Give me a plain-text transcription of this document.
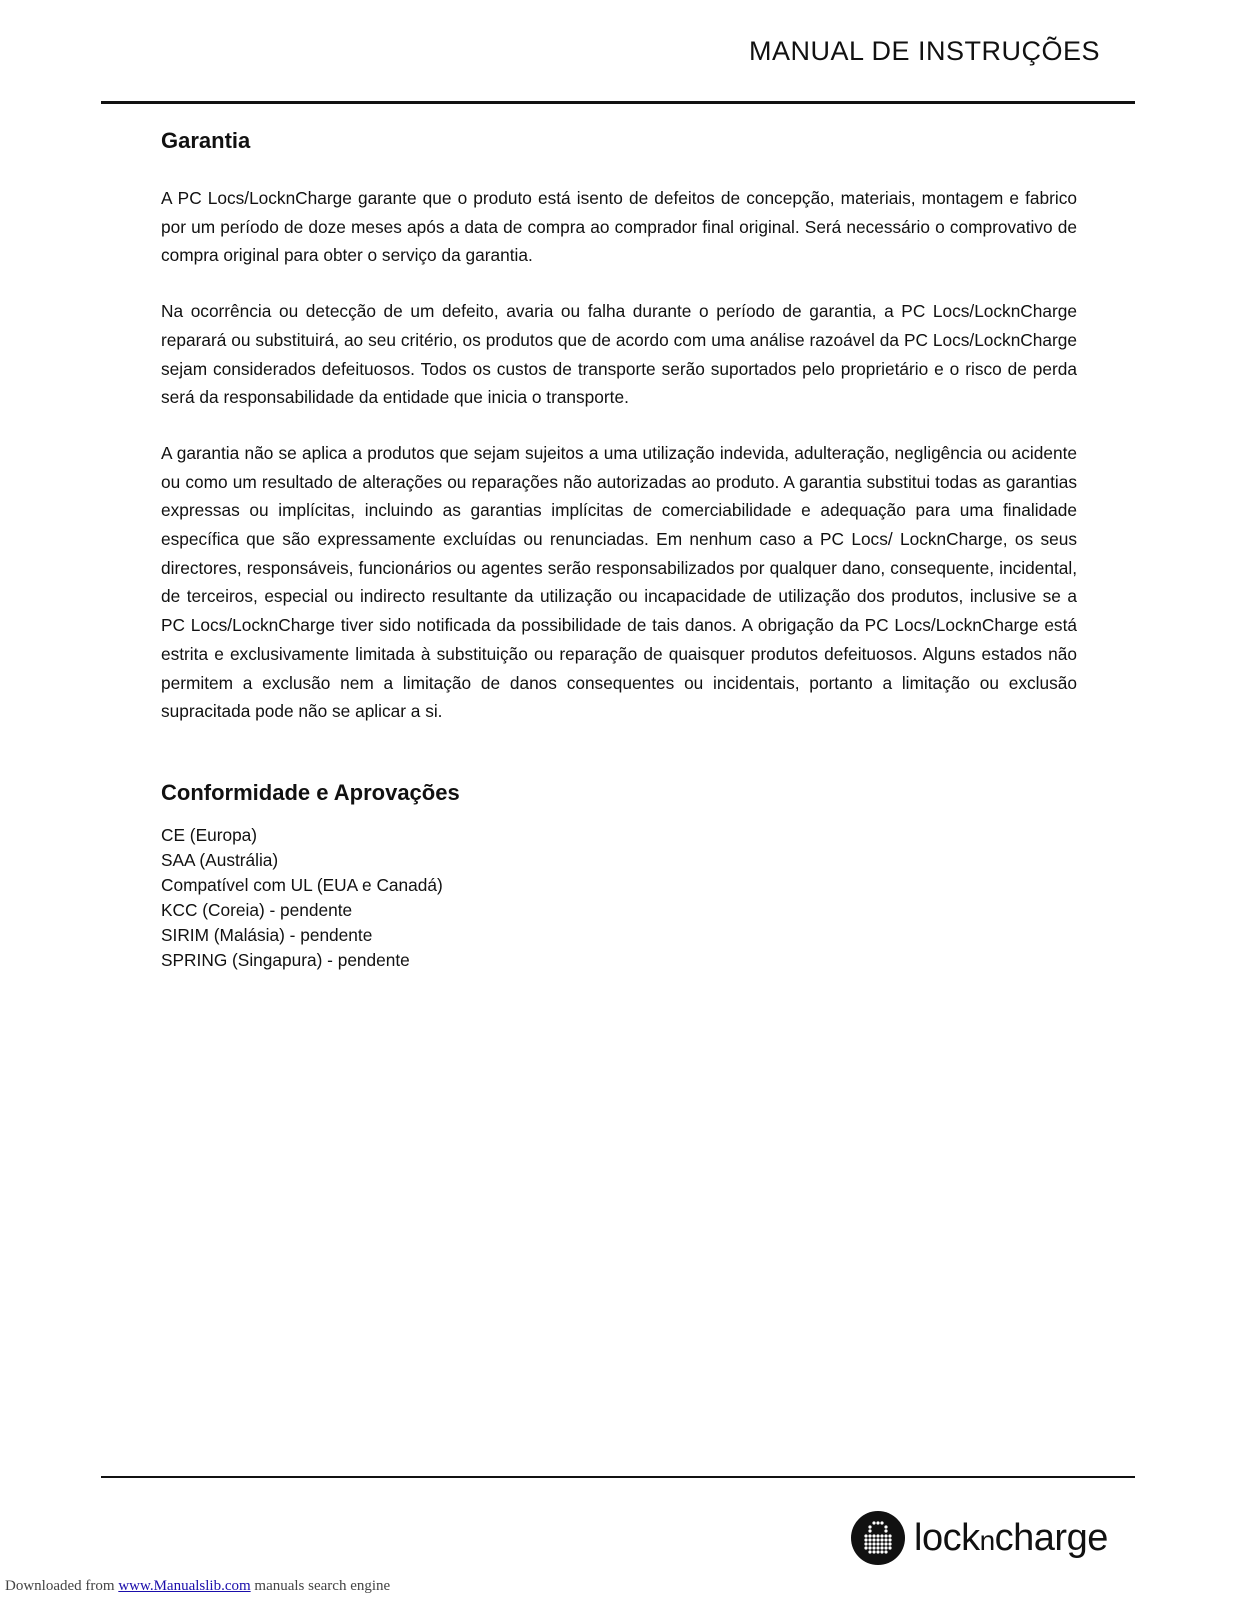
MANUAL DE INSTRUÇÕES
Garantia

A PC Locs/LocknCharge garante que o produto está isento de defeitos de concepção, materiais, montagem e fabrico por um período de doze meses após a data de compra ao comprador final original. Será necessário o comprovativo de compra original para obter o serviço da garantia.

Na ocorrência ou detecção de um defeito, avaria ou falha durante o período de garantia, a PC Locs/LocknCharge reparará ou substituirá, ao seu critério, os produtos que de acordo com uma análise razoável da PC Locs/LocknCharge sejam considerados defeituosos. Todos os custos de transporte serão suportados pelo proprietário e o risco de perda será da responsabilidade da entidade que inicia o transporte.

A garantia não se aplica a produtos que sejam sujeitos a uma utilização indevida, adulteração, negligência ou acidente ou como um resultado de alterações ou reparações não autorizadas ao produto. A garantia substitui todas as garantias expressas ou implícitas, incluindo as garantias implícitas de comerciabilidade e adequação para uma finalidade específica que são expressamente excluídas ou renunciadas. Em nenhum caso a PC Locs/ LocknCharge, os seus directores, responsáveis, funcionários ou agentes serão responsabilizados por qualquer dano, consequente, incidental, de terceiros, especial ou indirecto resultante da utilização ou incapacidade de utilização dos produtos, inclusive se a PC Locs/LocknCharge tiver sido notificada da possibilidade de tais danos. A obrigação da PC Locs/LocknCharge está estrita e exclusivamente limitada à substituição ou reparação de quaisquer produtos defeituosos. Alguns estados não permitem a exclusão nem a limitação de danos consequentes ou incidentais, portanto a limitação ou exclusão supracitada pode não se aplicar a si.

Conformidade e Aprovações
CE (Europa)
SAA (Austrália)
Compatível com UL (EUA e Canadá)
KCC (Coreia) - pendente
SIRIM (Malásia) - pendente
SPRING (Singapura) - pendente
lockncharge
Downloaded from www.Manualslib.com manuals search engine
